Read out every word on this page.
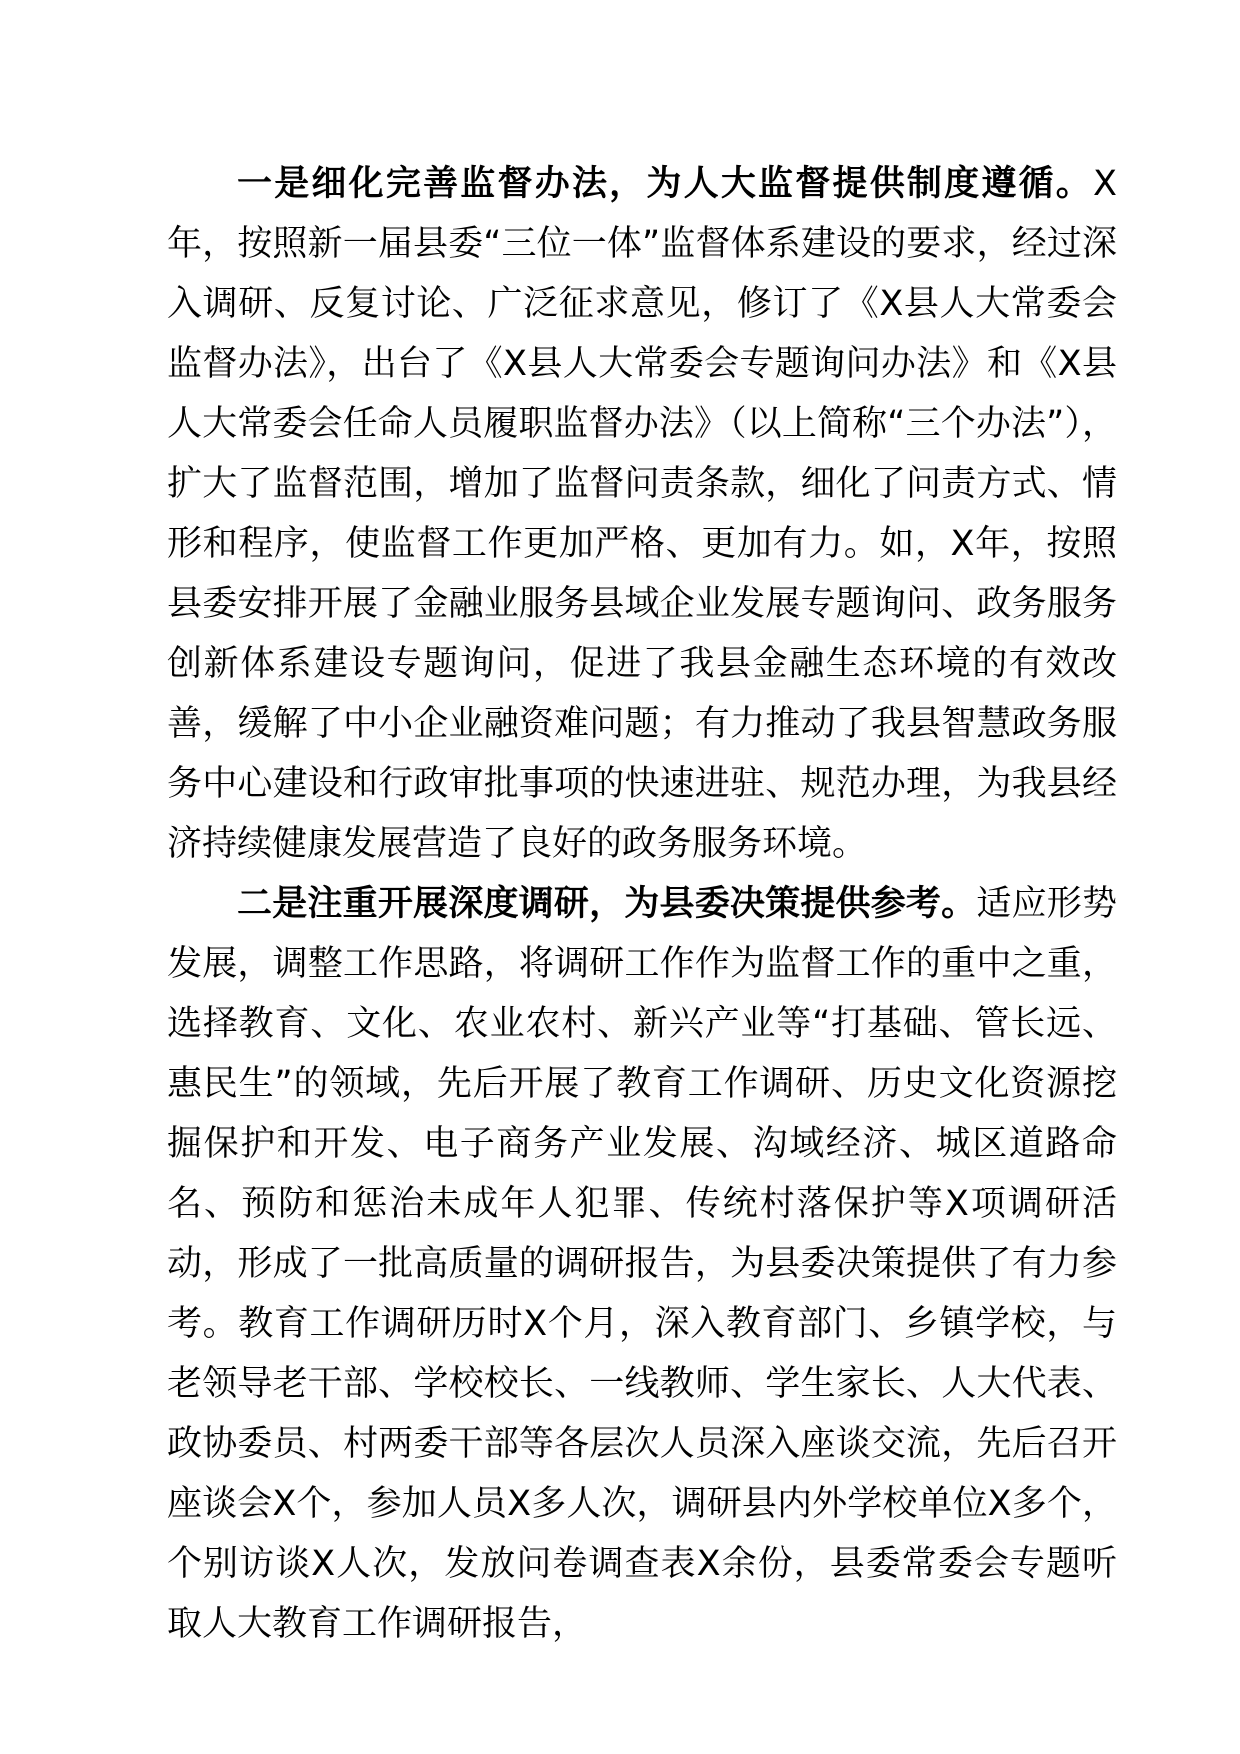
一是细化完善监督办法，为人大监督提供制度遵循。X年，按照新一届县委“三位一体”监督体系建设的要求，经过深入调研、反复讨论、广泛征求意见，修订了《X县人大常委会监督办法》，出台了《X县人大常委会专题询问办法》和《X县人大常委会任命人员履职监督办法》（以上简称“三个办法”），扩大了监督范围，增加了监督问责条款，细化了问责方式、情形和程序，使监督工作更加严格、更加有力。如，X年，按照县委安排开展了金融业服务县域企业发展专题询问、政务服务创新体系建设专题询问，促进了我县金融生态环境的有效改善，缓解了中小企业融资难问题；有力推动了我县智慧政务服务中心建设和行政审批事项的快速进驻、规范办理，为我县经济持续健康发展营造了良好的政务服务环境。

二是注重开展深度调研，为县委决策提供参考。适应形势发展，调整工作思路，将调研工作作为监督工作的重中之重，选择教育、文化、农业农村、新兴产业等“打基础、管长远、惠民生”的领域，先后开展了教育工作调研、历史文化资源挖掘保护和开发、电子商务产业发展、沟域经济、城区道路命名、预防和惩治未成年人犯罪、传统村落保护等X项调研活动，形成了一批高质量的调研报告，为县委决策提供了有力参考。教育工作调研历时X个月，深入教育部门、乡镇学校，与老领导老干部、学校校长、一线教师、学生家长、人大代表、政协委员、村两委干部等各层次人员深入座谈交流，先后召开座谈会X个，参加人员X多人次，调研县内外学校单位X多个，个别访谈X人次，发放问卷调查表X余份，县委常委会专题听取人大教育工作调研报告，
